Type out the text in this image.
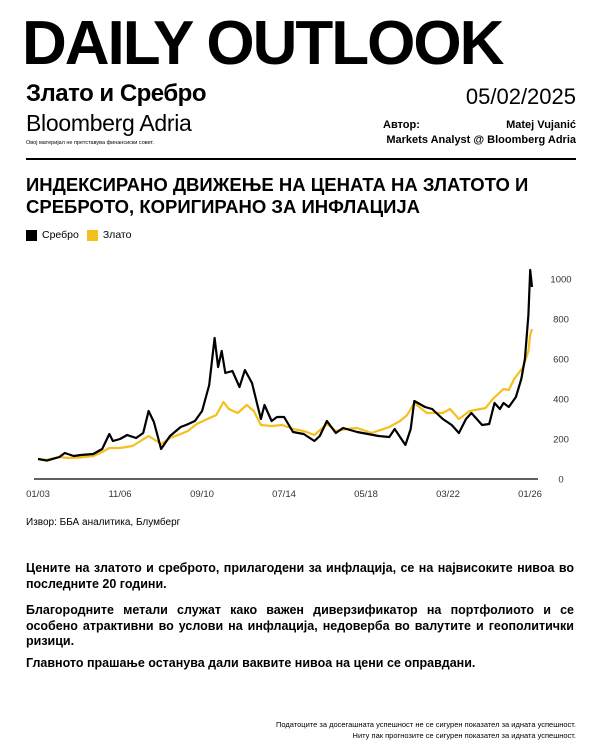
DAILY OUTLOOK
Злато и Сребро	05/02/2025
Bloomberg Adria
Овој материјал не претставува финансиски совет.
Автор:	Matej Vujanić
Markets Analyst @ Bloomberg Adria
ИНДЕКСИРАНО ДВИЖЕЊЕ НА ЦЕНАТА НА ЗЛАТОТО И СРЕБРОТО, КОРИГИРАНО ЗА ИНФЛАЦИЈА
Сребро Злато
01/03	11/06	09/10	07/14	05/18	03/22	01/26
0
200
400
600
800
1000
Извор: ББА аналитика, Блумберг
Цените на златото и среброто, прилагодени за инфлација, се на највисоките нивоа во последните 20 години.
Благородните метали служат како важен диверзификатор на портфолиото и се особено атрактивни во услови на инфлација, недоверба во валутите и геополитички ризици.
Главното прашање останува дали ваквите нивоа на цени се оправдани.
Податоците за досегашната успешност не се сигурен показател за идната успешност.
Ниту пак прогнозите се сигурен показател за идната успешност.
